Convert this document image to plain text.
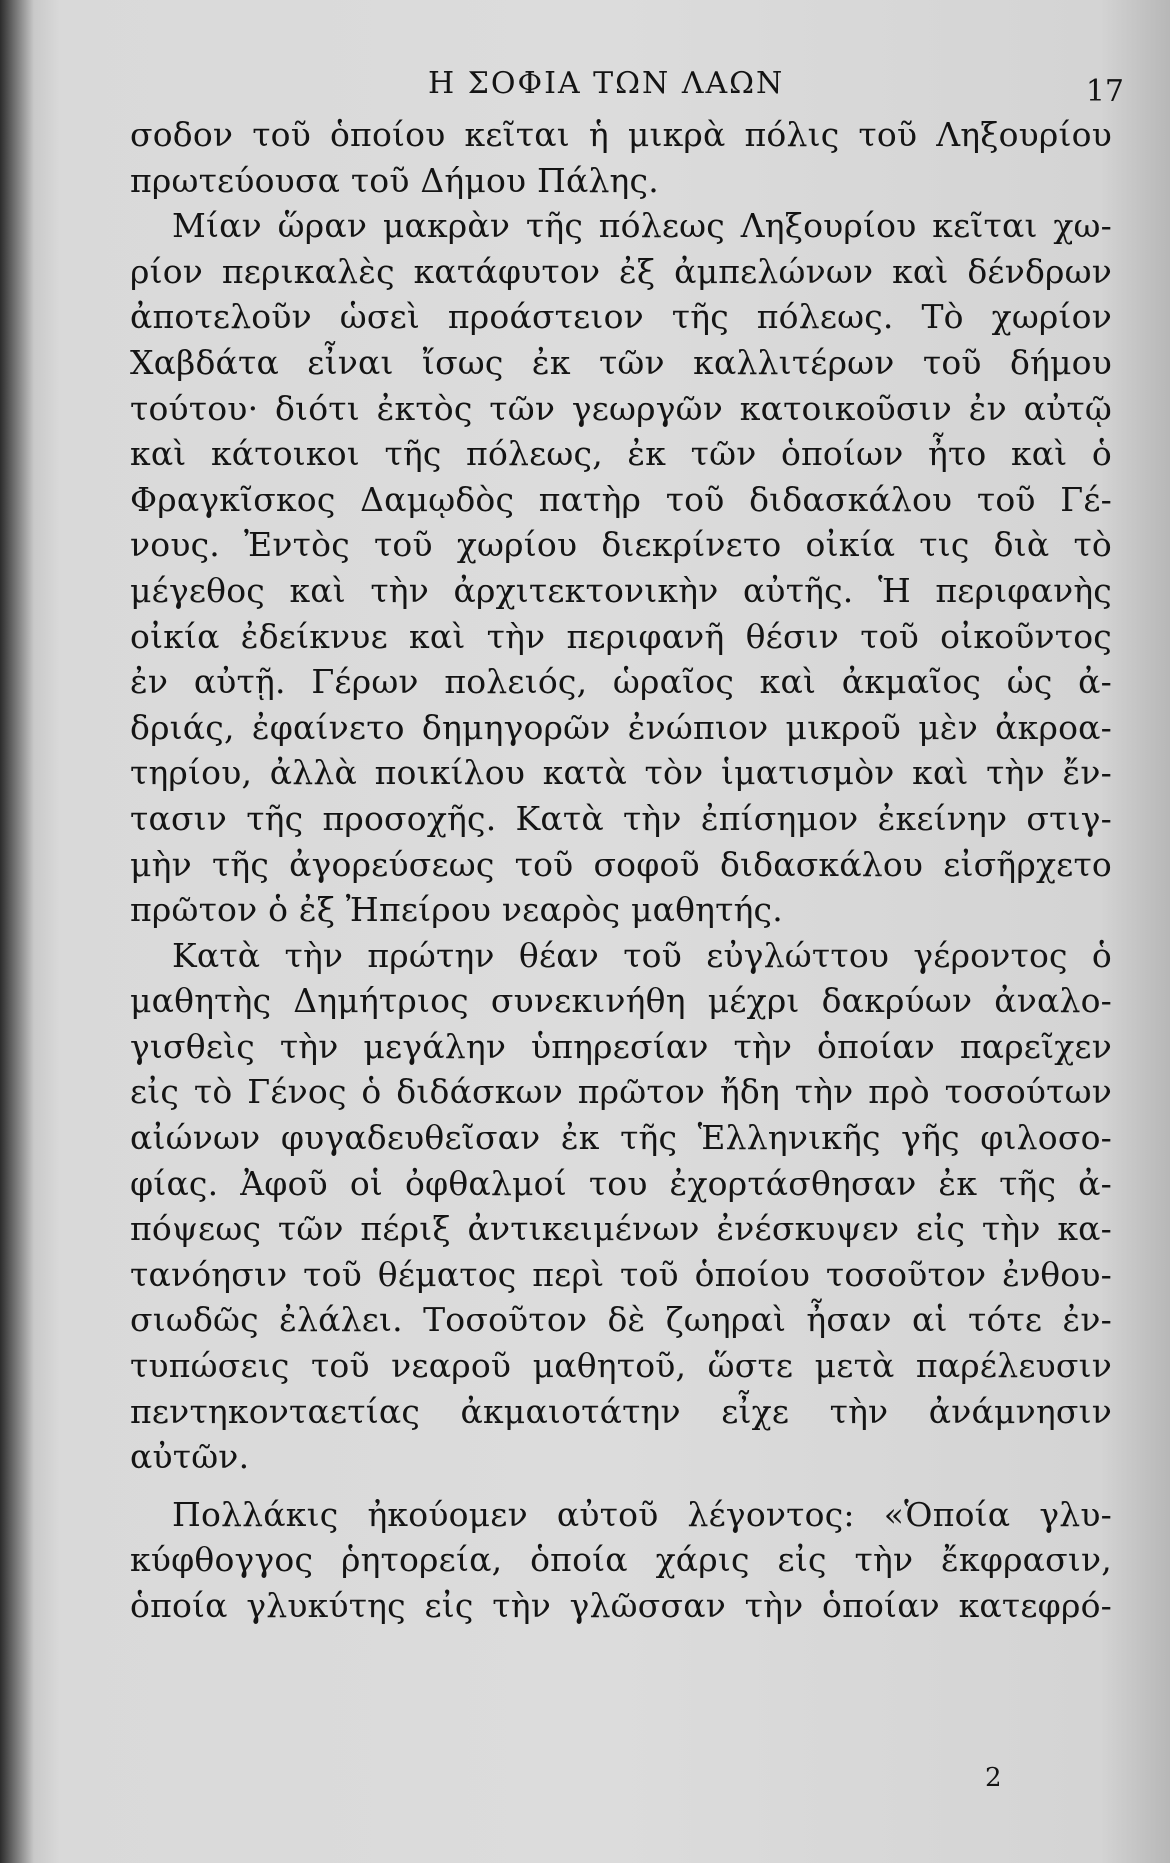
Η ΣΟΦΙΑ ΤΩΝ ΛΑΩΝ	17
σοδον τοῦ ὁποίου κεῖται ἡ μικρὰ πόλις τοῦ Ληξουρίου
πρωτεύουσα τοῦ Δήμου Πάλης.
Μίαν ὥραν μακρὰν τῆς πόλεως Ληξουρίου κεῖται χω-
ρίον περικαλὲς κατάφυτον ἐξ ἀμπελώνων καὶ δένδρων
ἀποτελοῦν ὡσεὶ προάστειον τῆς πόλεως. Τὸ χωρίον
Χαβδάτα εἶναι ἴσως ἐκ τῶν καλλιτέρων τοῦ δήμου
τούτου· διότι ἐκτὸς τῶν γεωργῶν κατοικοῦσιν ἐν αὐτῷ
καὶ κάτοικοι τῆς πόλεως, ἐκ τῶν ὁποίων ἦτο καὶ ὁ
Φραγκῖσκος Δαμῳδὸς πατὴρ τοῦ διδασκάλου τοῦ Γέ-
νους. Ἐντὸς τοῦ χωρίου διεκρίνετο οἰκία τις διὰ τὸ
μέγεθος καὶ τὴν ἀρχιτεκτονικὴν αὐτῆς. Ἡ περιφανὴς
οἰκία ἐδείκνυε καὶ τὴν περιφανῆ θέσιν τοῦ οἰκοῦντος
ἐν αὐτῇ. Γέρων πολειός, ὡραῖος καὶ ἀκμαῖος ὡς ἀ-
δριάς, ἐφαίνετο δημηγορῶν ἐνώπιον μικροῦ μὲν ἀκροα-
τηρίου, ἀλλὰ ποικίλου κατὰ τὸν ἱματισμὸν καὶ τὴν ἔν-
τασιν τῆς προσοχῆς. Κατὰ τὴν ἐπίσημον ἐκείνην στιγ-
μὴν τῆς ἀγορεύσεως τοῦ σοφοῦ διδασκάλου εἰσῆρχετο
πρῶτον ὁ ἐξ Ἠπείρου νεαρὸς μαθητής.
Κατὰ τὴν πρώτην θέαν τοῦ εὐγλώττου γέροντος ὁ
μαθητὴς Δημήτριος συνεκινήθη μέχρι δακρύων ἀναλο-
γισθεὶς τὴν μεγάλην ὑπηρεσίαν τὴν ὁποίαν παρεῖχεν
εἰς τὸ Γένος ὁ διδάσκων πρῶτον ἤδη τὴν πρὸ τοσούτων
αἰώνων φυγαδευθεῖσαν ἐκ τῆς Ἑλληνικῆς γῆς φιλοσο-
φίας. Ἀφοῦ οἱ ὀφθαλμοί του ἐχορτάσθησαν ἐκ τῆς ἀ-
πόψεως τῶν πέριξ ἀντικειμένων ἐνέσκυψεν εἰς τὴν κα-
τανόησιν τοῦ θέματος περὶ τοῦ ὁποίου τοσοῦτον ἐνθου-
σιωδῶς ἐλάλει. Τοσοῦτον δὲ ζωηραὶ ἦσαν αἱ τότε ἐν-
τυπώσεις τοῦ νεαροῦ μαθητοῦ, ὥστε μετὰ παρέλευσιν
πεντηκονταετίας ἀκμαιοτάτην εἶχε τὴν ἀνάμνησιν
αὐτῶν.
Πολλάκις ἠκούομεν αὐτοῦ λέγοντος: «Ὁποία γλυ-
κύφθογγος ῥητορεία, ὁποία χάρις εἰς τὴν ἔκφρασιν,
ὁποία γλυκύτης εἰς τὴν γλῶσσαν τὴν ὁποίαν κατεφρό-
2
